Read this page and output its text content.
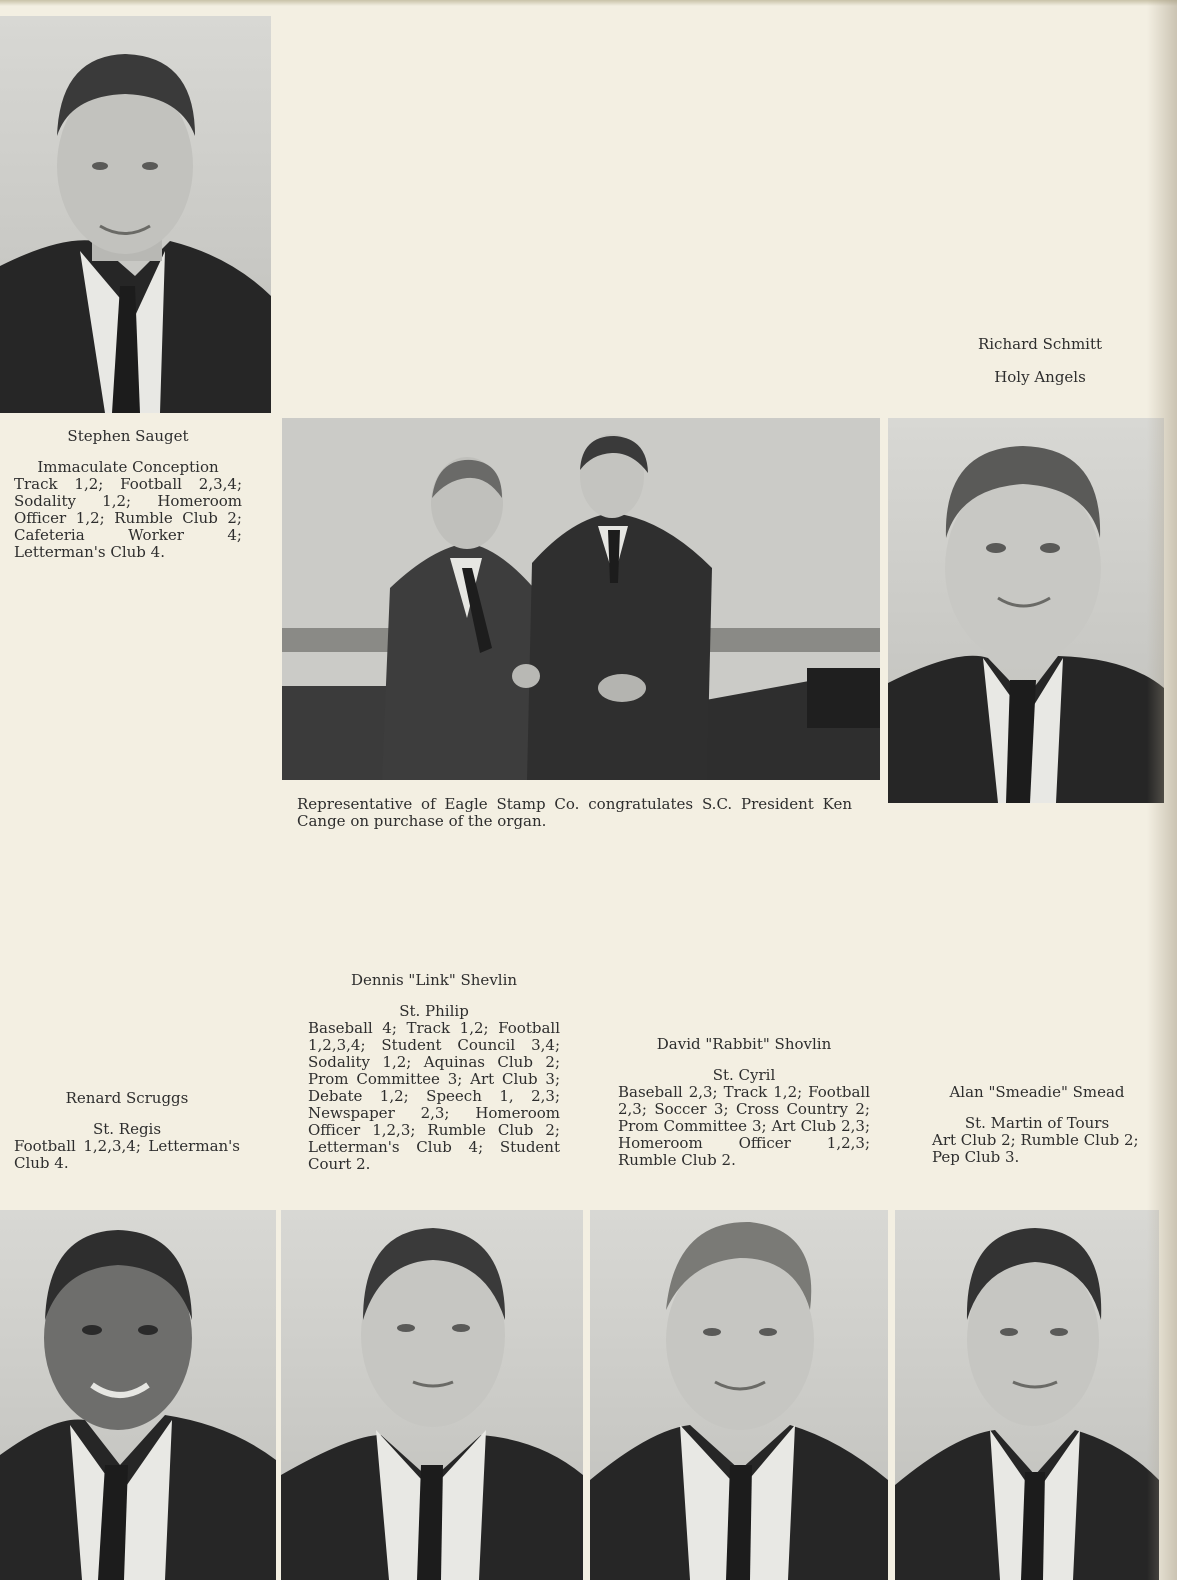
Stephen Sauget
Immaculate Conception
Track 1,2; Football 2,3,4; Sodality 1,2; Homeroom Officer 1,2; Rumble Club 2; Cafeteria Worker 4; Letterman's Club 4.
Richard Schmitt
Holy Angels
Representative of Eagle Stamp Co. congratulates S.C. President Ken Cange on purchase of the organ.
Renard Scruggs
St. Regis
Football 1,2,3,4; Letterman's Club 4.
Dennis "Link" Shevlin
St. Philip
Baseball 4; Track 1,2; Football 1,2,3,4; Student Council 3,4; Sodality 1,2; Aquinas Club 2; Prom Committee 3; Art Club 3; Debate 1,2; Speech 1, 2,3; Newspaper 2,3; Homeroom Officer 1,2,3; Rumble Club 2; Letterman's Club 4; Student Court 2.
David "Rabbit" Shovlin
St. Cyril
Baseball 2,3; Track 1,2; Football 2,3; Soccer 3; Cross Country 2; Prom Committee 3; Art Club 2,3; Homeroom Officer 1,2,3; Rumble Club 2.
Alan "Smeadie" Smead
St. Martin of Tours
Art Club 2; Rumble Club 2; Pep Club 3.
